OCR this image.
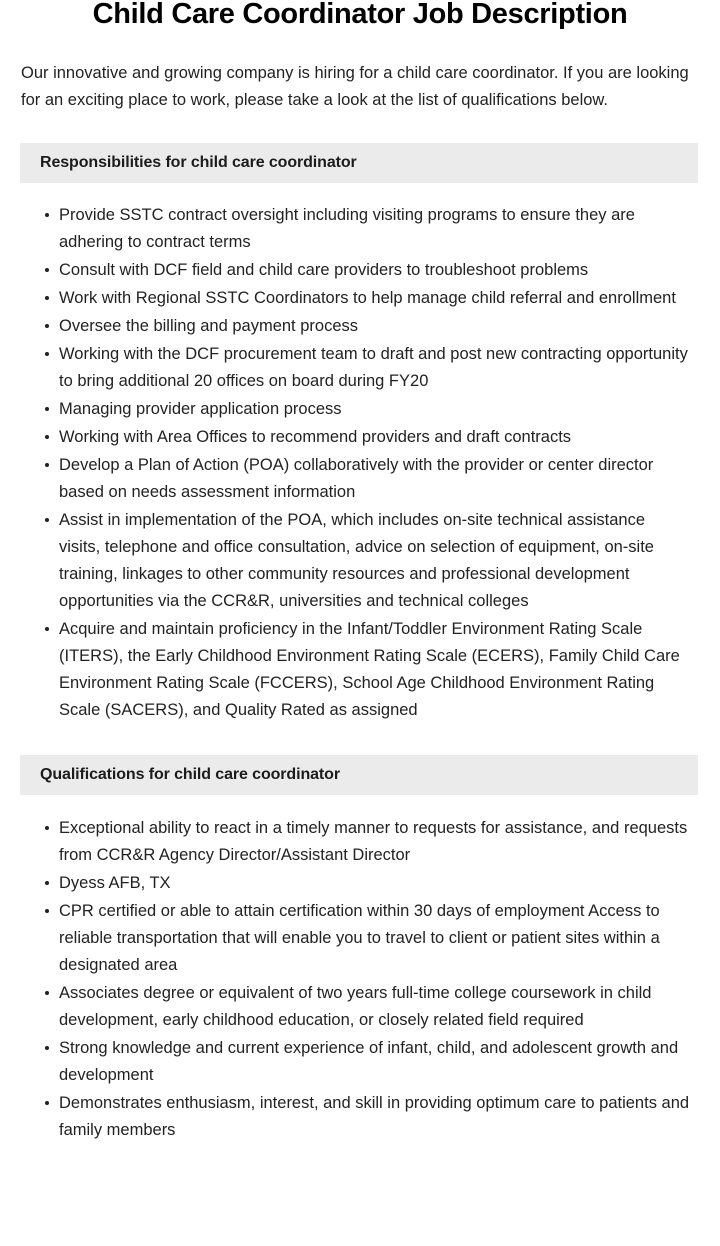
Child Care Coordinator Job Description

Our innovative and growing company is hiring for a child care coordinator. If you are looking for an exciting place to work, please take a look at the list of qualifications below.

Responsibilities for child care coordinator
Provide SSTC contract oversight including visiting programs to ensure they are adhering to contract terms
Consult with DCF field and child care providers to troubleshoot problems
Work with Regional SSTC Coordinators to help manage child referral and enrollment
Oversee the billing and payment process
Working with the DCF procurement team to draft and post new contracting opportunity to bring additional 20 offices on board during FY20
Managing provider application process
Working with Area Offices to recommend providers and draft contracts
Develop a Plan of Action (POA) collaboratively with the provider or center director based on needs assessment information
Assist in implementation of the POA, which includes on-site technical assistance visits, telephone and office consultation, advice on selection of equipment, on-site training, linkages to other community resources and professional development opportunities via the CCR&R, universities and technical colleges
Acquire and maintain proficiency in the Infant/Toddler Environment Rating Scale (ITERS), the Early Childhood Environment Rating Scale (ECERS), Family Child Care Environment Rating Scale (FCCERS), School Age Childhood Environment Rating Scale (SACERS), and Quality Rated as assigned
Qualifications for child care coordinator
Exceptional ability to react in a timely manner to requests for assistance, and requests from CCR&R Agency Director/Assistant Director
Dyess AFB, TX
CPR certified or able to attain certification within 30 days of employment Access to reliable transportation that will enable you to travel to client or patient sites within a designated area
Associates degree or equivalent of two years full-time college coursework in child development, early childhood education, or closely related field required
Strong knowledge and current experience of infant, child, and adolescent growth and development
Demonstrates enthusiasm, interest, and skill in providing optimum care to patients and family members
